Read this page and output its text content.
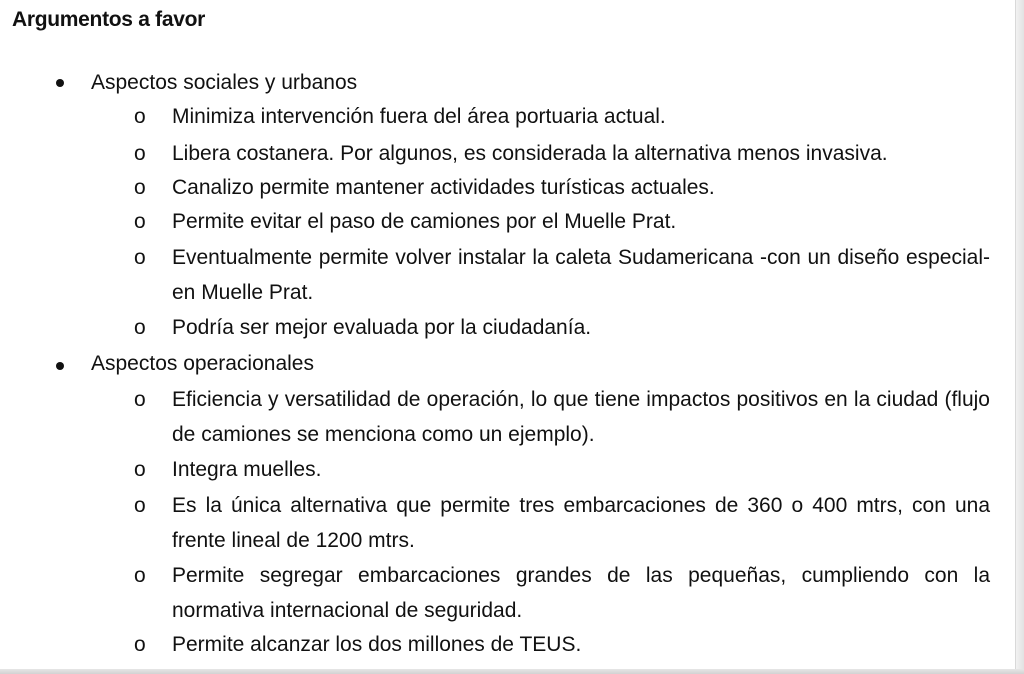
Argumentos a favor
Aspectos sociales y urbanos
o Minimiza intervención fuera del área portuaria actual.
o Libera costanera. Por algunos, es considerada la alternativa menos invasiva.
o Canalizo permite mantener actividades turísticas actuales.
o Permite evitar el paso de camiones por el Muelle Prat.
o Eventualmente permite volver instalar la caleta Sudamericana -con un diseño especial- en Muelle Prat.
o Podría ser mejor evaluada por la ciudadanía.
Aspectos operacionales
o Eficiencia y versatilidad de operación, lo que tiene impactos positivos en la ciudad (flujo de camiones se menciona como un ejemplo).
o Integra muelles.
o Es la única alternativa que permite tres embarcaciones de 360 o 400 mtrs, con una frente lineal de 1200 mtrs.
o Permite segregar embarcaciones grandes de las pequeñas, cumpliendo con la normativa internacional de seguridad.
o Permite alcanzar los dos millones de TEUS.
